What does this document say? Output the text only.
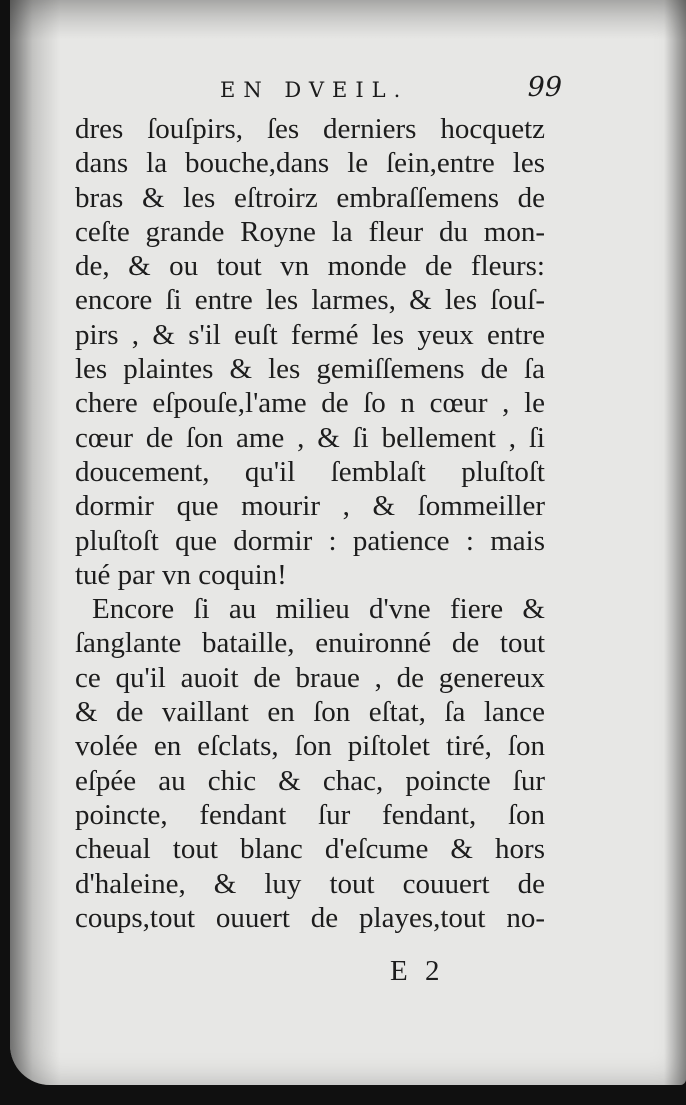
EN DVEIL.	99
dres ſouſpirs, ſes derniers hocquetz
dans la bouche,dans le ſein,entre les
bras & les eſtroirz embraſſemens de
ceſte grande Royne la fleur du mon-
de, & ou tout vn monde de fleurs:
encore ſi entre les larmes, & les ſouſ-
pirs , & s'il euſt fermé les yeux entre
les plaintes & les gemiſſemens de ſa
chere eſpouſe,l'ame de ſo n cœur , le
cœur de ſon ame , & ſi bellement , ſi
doucement, qu'il ſemblaſt pluſtoſt
dormir que mourir , & ſommeiller
pluſtoſt que dormir : patience : mais
tué par vn coquin!
Encore ſi au milieu d'vne fiere &
ſanglante bataille, enuironné de tout
ce qu'il auoit de braue , de genereux
& de vaillant en ſon eſtat, ſa lance
volée en eſclats, ſon piſtolet tiré, ſon
eſpée au chic & chac, poincte ſur
poincte, fendant ſur fendant, ſon
cheual tout blanc d'eſcume & hors
d'haleine, & luy tout couuert de
coups,tout ouuert de playes,tout no-
E 2
